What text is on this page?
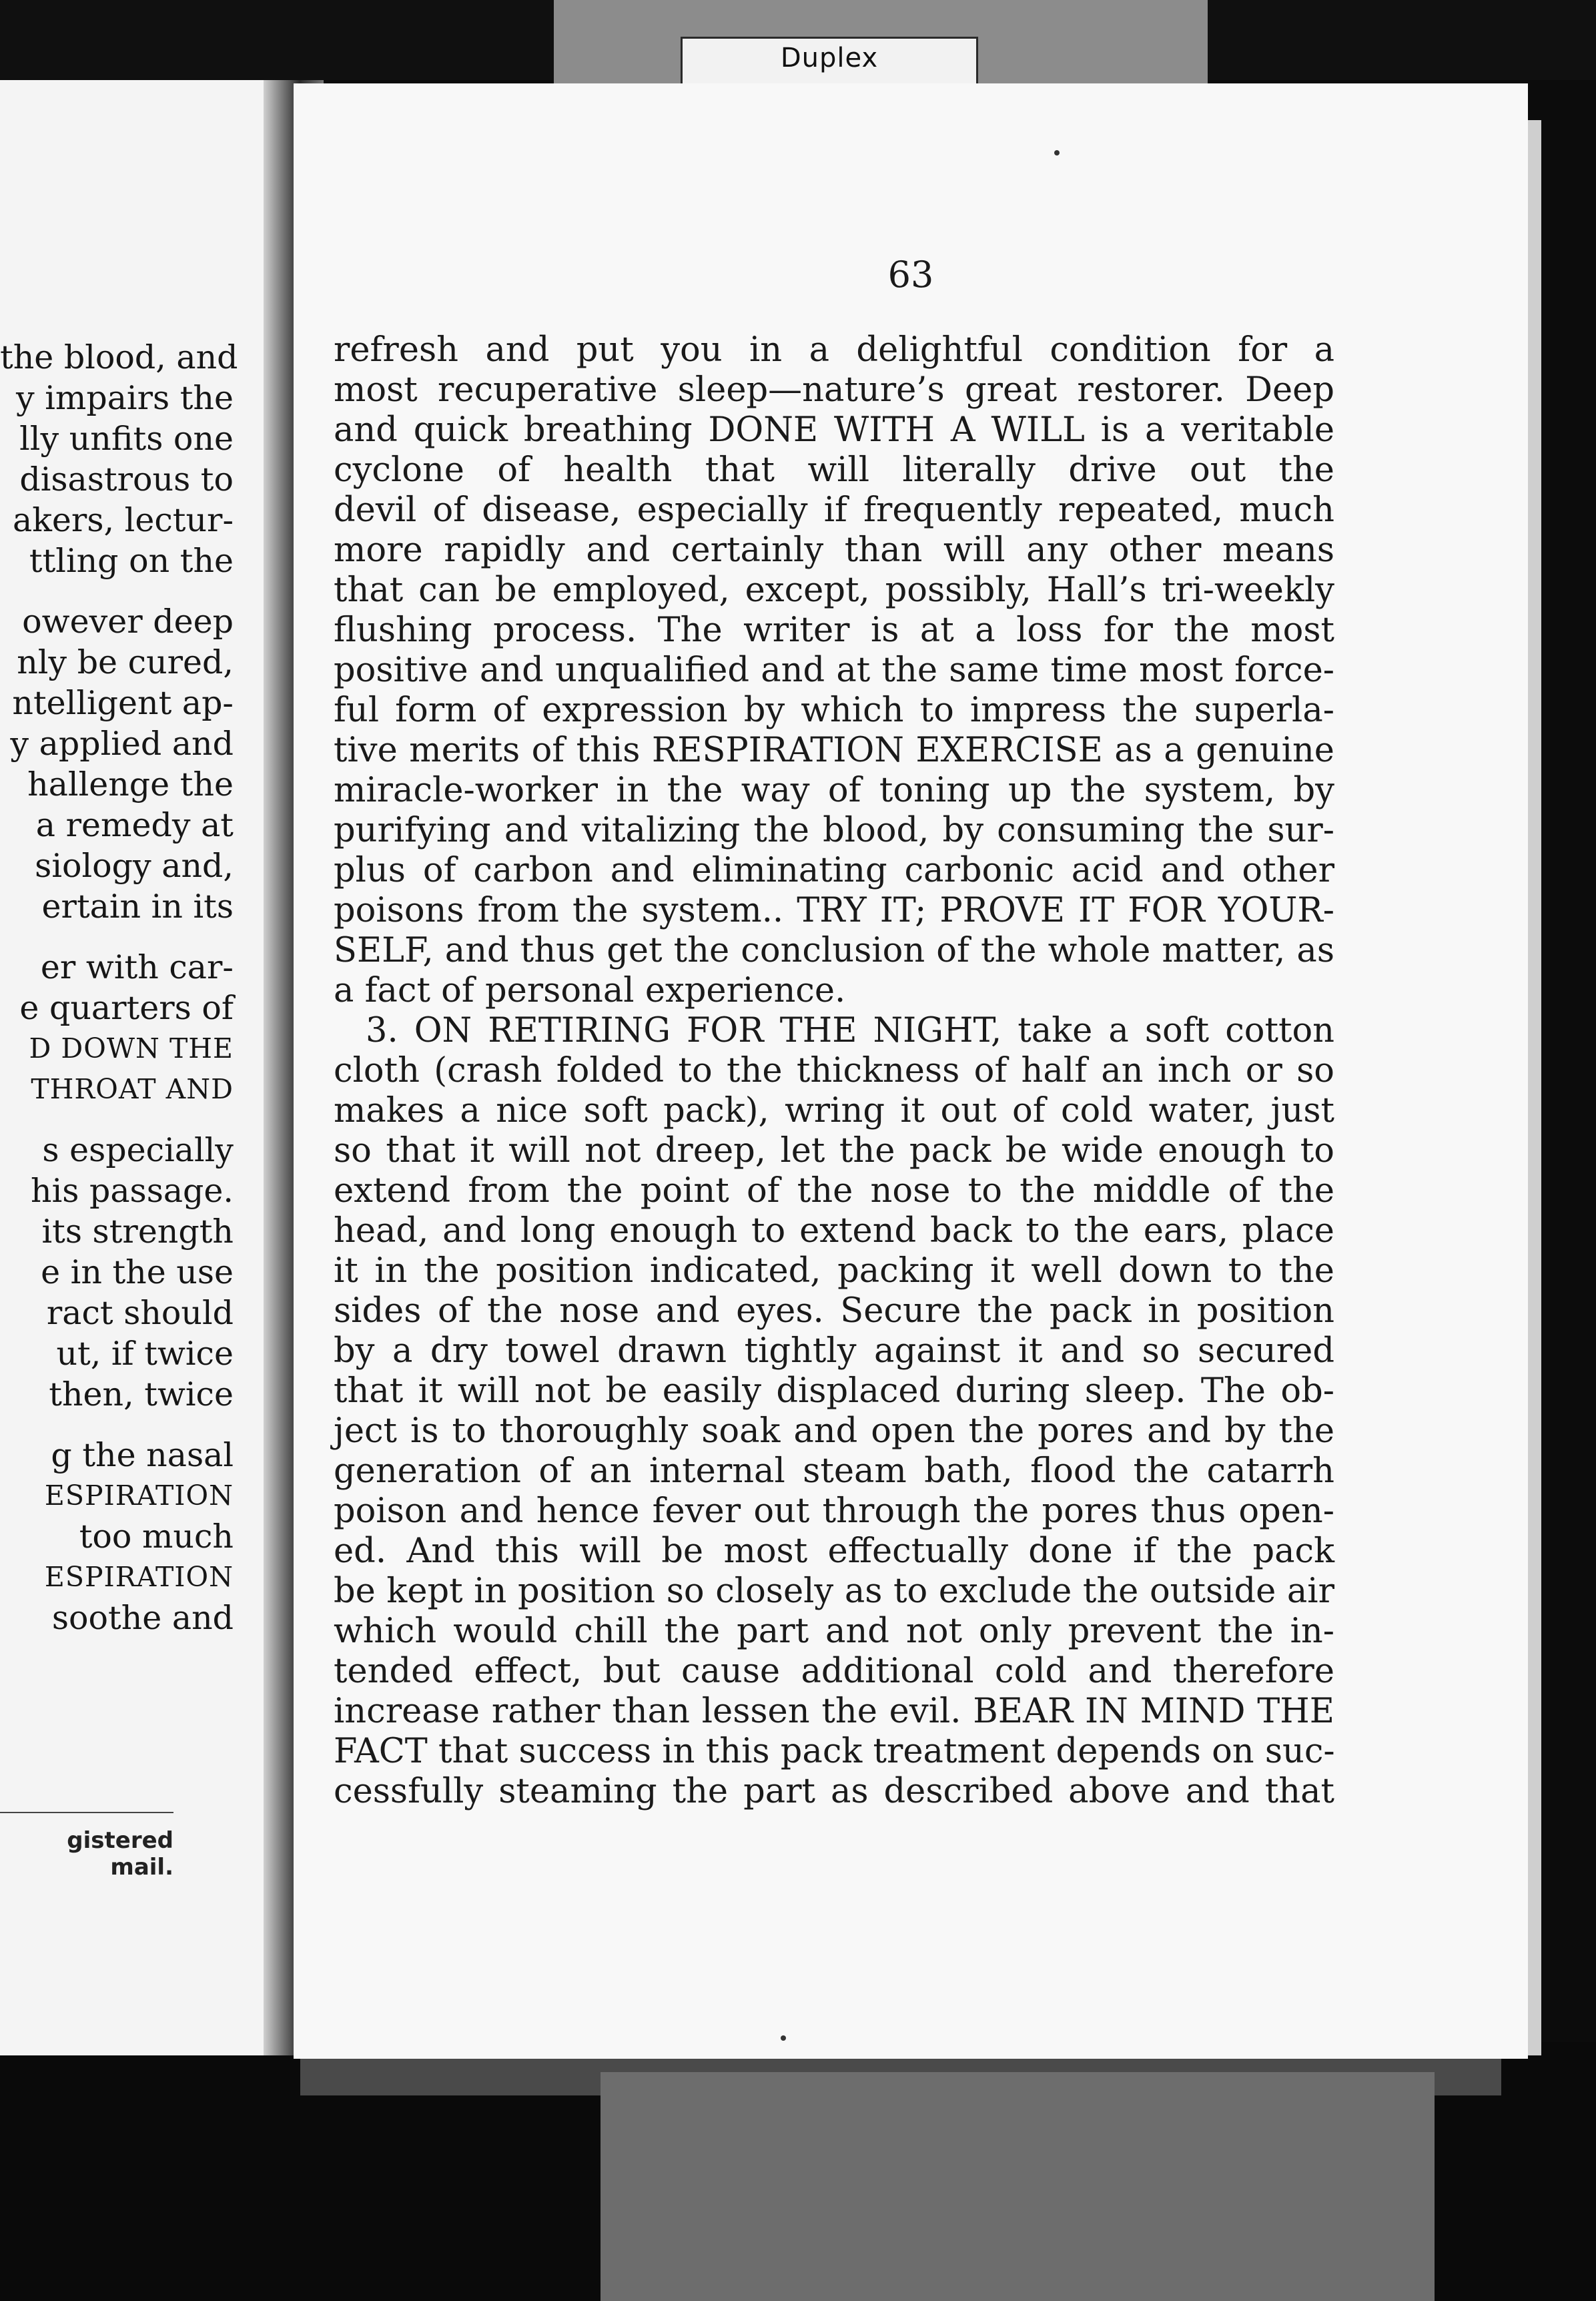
Duplex
the blood, and
y impairs the
lly unfits one
disastrous to
akers, lectur-
ttling on the
owever deep
nly be cured,
ntelligent ap-
y applied and
hallenge the
a remedy at
siology and,
ertain in its
er with car-
e quarters of
D DOWN THE
THROAT AND
s especially
his passage.
its strength
e in the use
ract should
ut, if twice
then, twice
g the nasal
ESPIRATION
too much
ESPIRATION
soothe and
gistered mail.
63
refresh and put you in a delightful condition for a
most recuperative sleep—nature’s great restorer. Deep
and quick breathing DONE WITH A WILL is a veritable
cyclone of health that will literally drive out the
devil of disease, especially if frequently repeated, much
more rapidly and certainly than will any other means
that can be employed, except, possibly, Hall’s tri-weekly
flushing process. The writer is at a loss for the most
positive and unqualified and at the same time most force-
ful form of expression by which to impress the superla-
tive merits of this RESPIRATION EXERCISE as a genuine
miracle-worker in the way of toning up the system, by
purifying and vitalizing the blood, by consuming the sur-
plus of carbon and eliminating carbonic acid and other
poisons from the system.. TRY IT; PROVE IT FOR YOUR-
SELF, and thus get the conclusion of the whole matter, as
a fact of personal experience.
3. ON RETIRING FOR THE NIGHT, take a soft cotton
cloth (crash folded to the thickness of half an inch or so
makes a nice soft pack), wring it out of cold water, just
so that it will not dreep, let the pack be wide enough to
extend from the point of the nose to the middle of the
head, and long enough to extend back to the ears, place
it in the position indicated, packing it well down to the
sides of the nose and eyes. Secure the pack in position
by a dry towel drawn tightly against it and so secured
that it will not be easily displaced during sleep. The ob-
ject is to thoroughly soak and open the pores and by the
generation of an internal steam bath, flood the catarrh
poison and hence fever out through the pores thus open-
ed. And this will be most effectually done if the pack
be kept in position so closely as to exclude the outside air
which would chill the part and not only prevent the in-
tended effect, but cause additional cold and therefore
increase rather than lessen the evil. BEAR IN MIND THE
FACT that success in this pack treatment depends on suc-
cessfully steaming the part as described above and that
